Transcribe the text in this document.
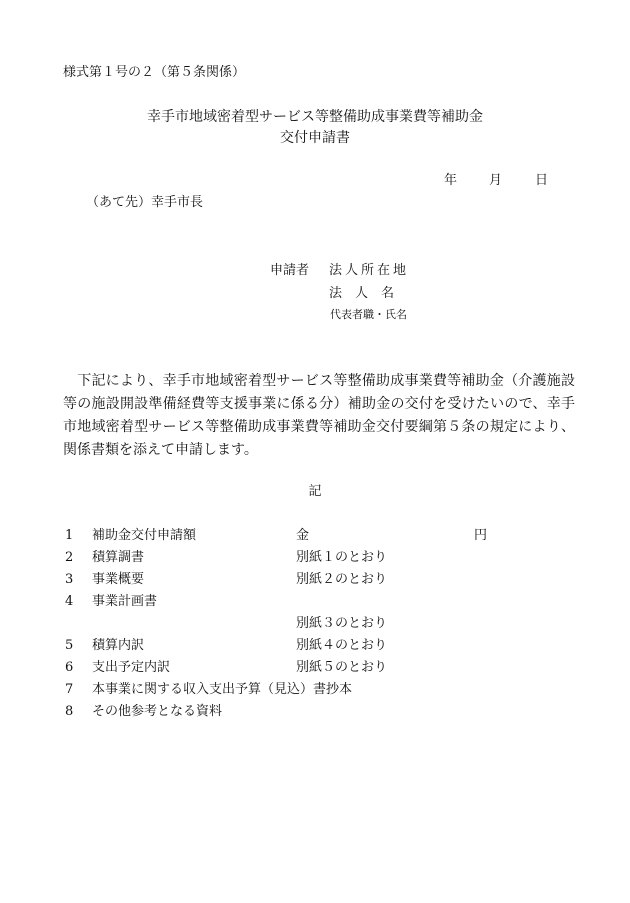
様式第１号の２（第５条関係）
幸手市地域密着型サービス等整備助成事業費等補助金
交付申請書
年 月	日
（あて先）幸手市長
申請者 法人所在地
法　人　名
代表者職・氏名
　下記により、幸手市地域密着型サービス等整備助成事業費等補助金（介護施設等の施設開設準備経費等支援事業に係る分）補助金の交付を受けたいので、幸手市地域密着型サービス等整備助成事業費等補助金交付要綱第５条の規定により、関係書類を添えて申請します。
記
1 補助金交付申請額	金	円
2 積算調書	別紙１のとおり
3 事業概要	別紙２のとおり
4 事業計画書
別紙３のとおり
5 積算内訳	別紙４のとおり
6 支出予定内訳	別紙５のとおり
7 本事業に関する収入支出予算（見込）書抄本
8 その他参考となる資料
